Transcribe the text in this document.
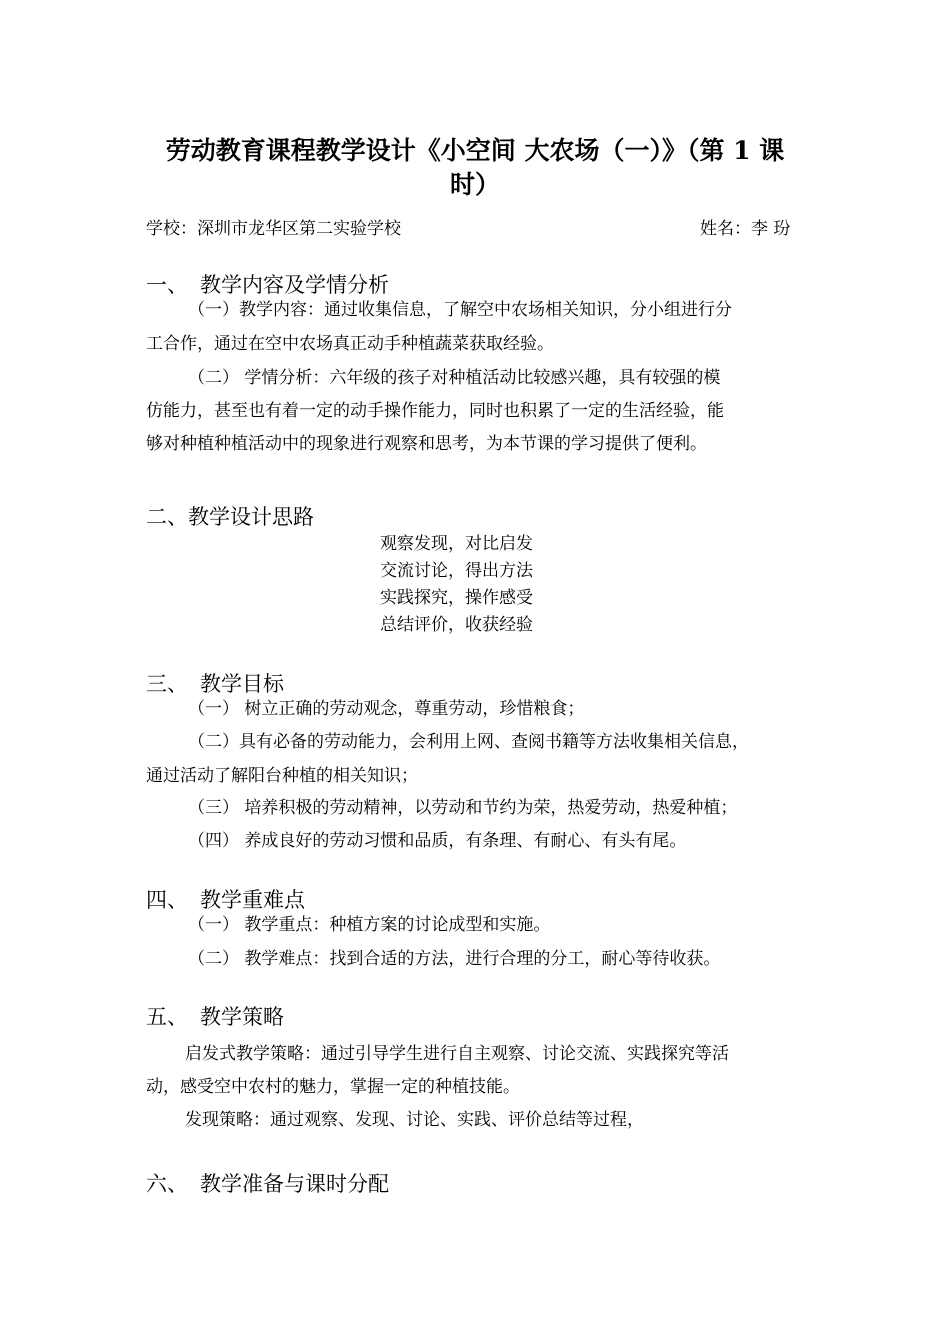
劳动教育课程教学设计《小空间 大农场（一）》（第 1 课
时）
学校：深圳市龙华区第二实验学校	姓名：李 玢
一、 教学内容及学情分析
（一）教学内容：通过收集信息，了解空中农场相关知识，分小组进行分
工合作，通过在空中农场真正动手种植蔬菜获取经验。
（二） 学情分析：六年级的孩子对种植活动比较感兴趣，具有较强的模
仿能力，甚至也有着一定的动手操作能力，同时也积累了一定的生活经验，能
够对种植种植活动中的现象进行观察和思考，为本节课的学习提供了便利。
二、教学设计思路
观察发现，对比启发
交流讨论，得出方法
实践探究，操作感受
总结评价，收获经验
三、 教学目标
（一） 树立正确的劳动观念，尊重劳动，珍惜粮食；
（二）具有必备的劳动能力，会利用上网、查阅书籍等方法收集相关信息，
通过活动了解阳台种植的相关知识；
（三） 培养积极的劳动精神，以劳动和节约为荣，热爱劳动，热爱种植；
（四） 养成良好的劳动习惯和品质，有条理、有耐心、有头有尾。
四、 教学重难点
（一） 教学重点：种植方案的讨论成型和实施。
（二） 教学难点：找到合适的方法，进行合理的分工，耐心等待收获。
五、 教学策略
启发式教学策略：通过引导学生进行自主观察、讨论交流、实践探究等活
动，感受空中农村的魅力，掌握一定的种植技能。
发现策略：通过观察、发现、讨论、实践、评价总结等过程，
六、 教学准备与课时分配
